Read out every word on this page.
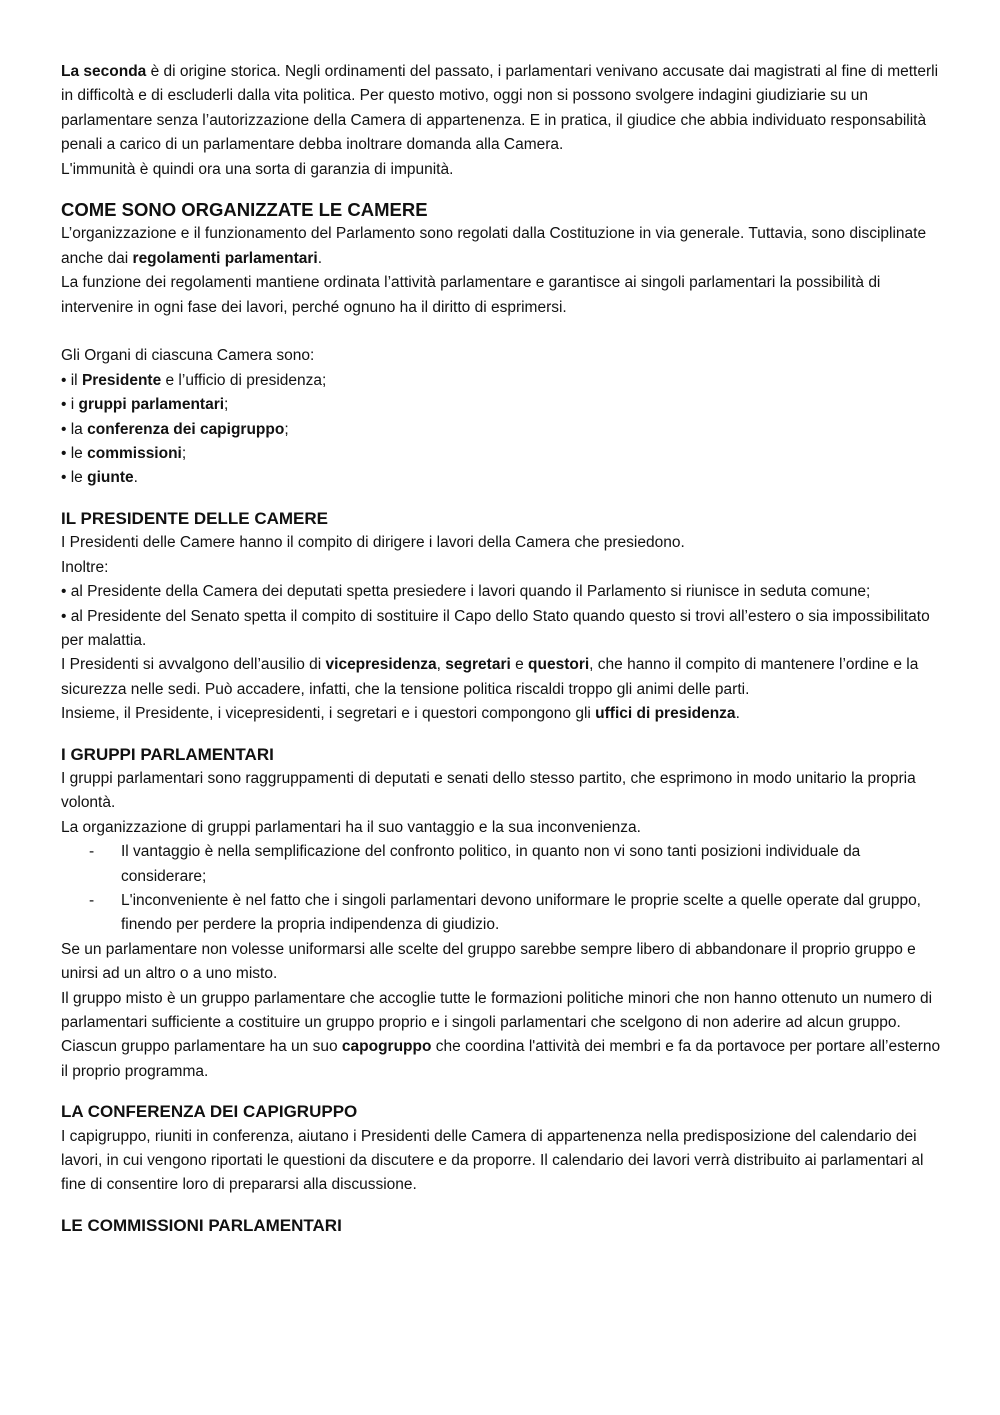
La seconda è di origine storica. Negli ordinamenti del passato, i parlamentari venivano accusate dai magistrati al fine di metterli in difficoltà e di escluderli dalla vita politica. Per questo motivo, oggi non si possono svolgere indagini giudiziarie su un parlamentare senza l’autorizzazione della Camera di appartenenza. E in pratica, il giudice che abbia individuato responsabilità penali a carico di un parlamentare debba inoltrare domanda alla Camera.

L'immunità è quindi ora una sorta di garanzia di impunità.

COME SONO ORGANIZZATE LE CAMERE

L’organizzazione e il funzionamento del Parlamento sono regolati dalla Costituzione in via generale. Tuttavia, sono disciplinate anche dai regolamenti parlamentari.

La funzione dei regolamenti mantiene ordinata l’attività parlamentare e garantisce ai singoli parlamentari la possibilità di intervenire in ogni fase dei lavori, perché ognuno ha il diritto di esprimersi.

Gli Organi di ciascuna Camera sono:

• il Presidente e l’ufficio di presidenza;

• i gruppi parlamentari;

• la conferenza dei capigruppo;

• le commissioni;

• le giunte.

IL PRESIDENTE DELLE CAMERE

I Presidenti delle Camere hanno il compito di dirigere i lavori della Camera che presiedono.

Inoltre:

• al Presidente della Camera dei deputati spetta presiedere i lavori quando il Parlamento si riunisce in seduta comune;

• al Presidente del Senato spetta il compito di sostituire il Capo dello Stato quando questo si trovi all’estero o sia impossibilitato per malattia.

I Presidenti si avvalgono dell’ausilio di vicepresidenza, segretari e questori, che hanno il compito di mantenere l’ordine e la sicurezza nelle sedi. Può accadere, infatti, che la tensione politica riscaldi troppo gli animi delle parti.

Insieme, il Presidente, i vicepresidenti, i segretari e i questori compongono gli uffici di presidenza.

I GRUPPI PARLAMENTARI

I gruppi parlamentari sono raggruppamenti di deputati e senati dello stesso partito, che esprimono in modo unitario la propria volontà.

La organizzazione di gruppi parlamentari ha il suo vantaggio e la sua inconvenienza.

- Il vantaggio è nella semplificazione del confronto politico, in quanto non vi sono tanti posizioni individuale da considerare;

- L'inconveniente è nel fatto che i singoli parlamentari devono uniformare le proprie scelte a quelle operate dal gruppo, finendo per perdere la propria indipendenza di giudizio.

Se un parlamentare non volesse uniformarsi alle scelte del gruppo sarebbe sempre libero di abbandonare il proprio gruppo e unirsi ad un altro o a uno misto.

Il gruppo misto è un gruppo parlamentare che accoglie tutte le formazioni politiche minori che non hanno ottenuto un numero di parlamentari sufficiente a costituire un gruppo proprio e i singoli parlamentari che scelgono di non aderire ad alcun gruppo.

Ciascun gruppo parlamentare ha un suo capogruppo che coordina l'attività dei membri e fa da portavoce per portare all’esterno il proprio programma.

LA CONFERENZA DEI CAPIGRUPPO

I capigruppo, riuniti in conferenza, aiutano i Presidenti delle Camera di appartenenza nella predisposizione del calendario dei lavori, in cui vengono riportati le questioni da discutere e da proporre. Il calendario dei lavori verrà distribuito ai parlamentari al fine di consentire loro di prepararsi alla discussione.

LE COMMISSIONI PARLAMENTARI
